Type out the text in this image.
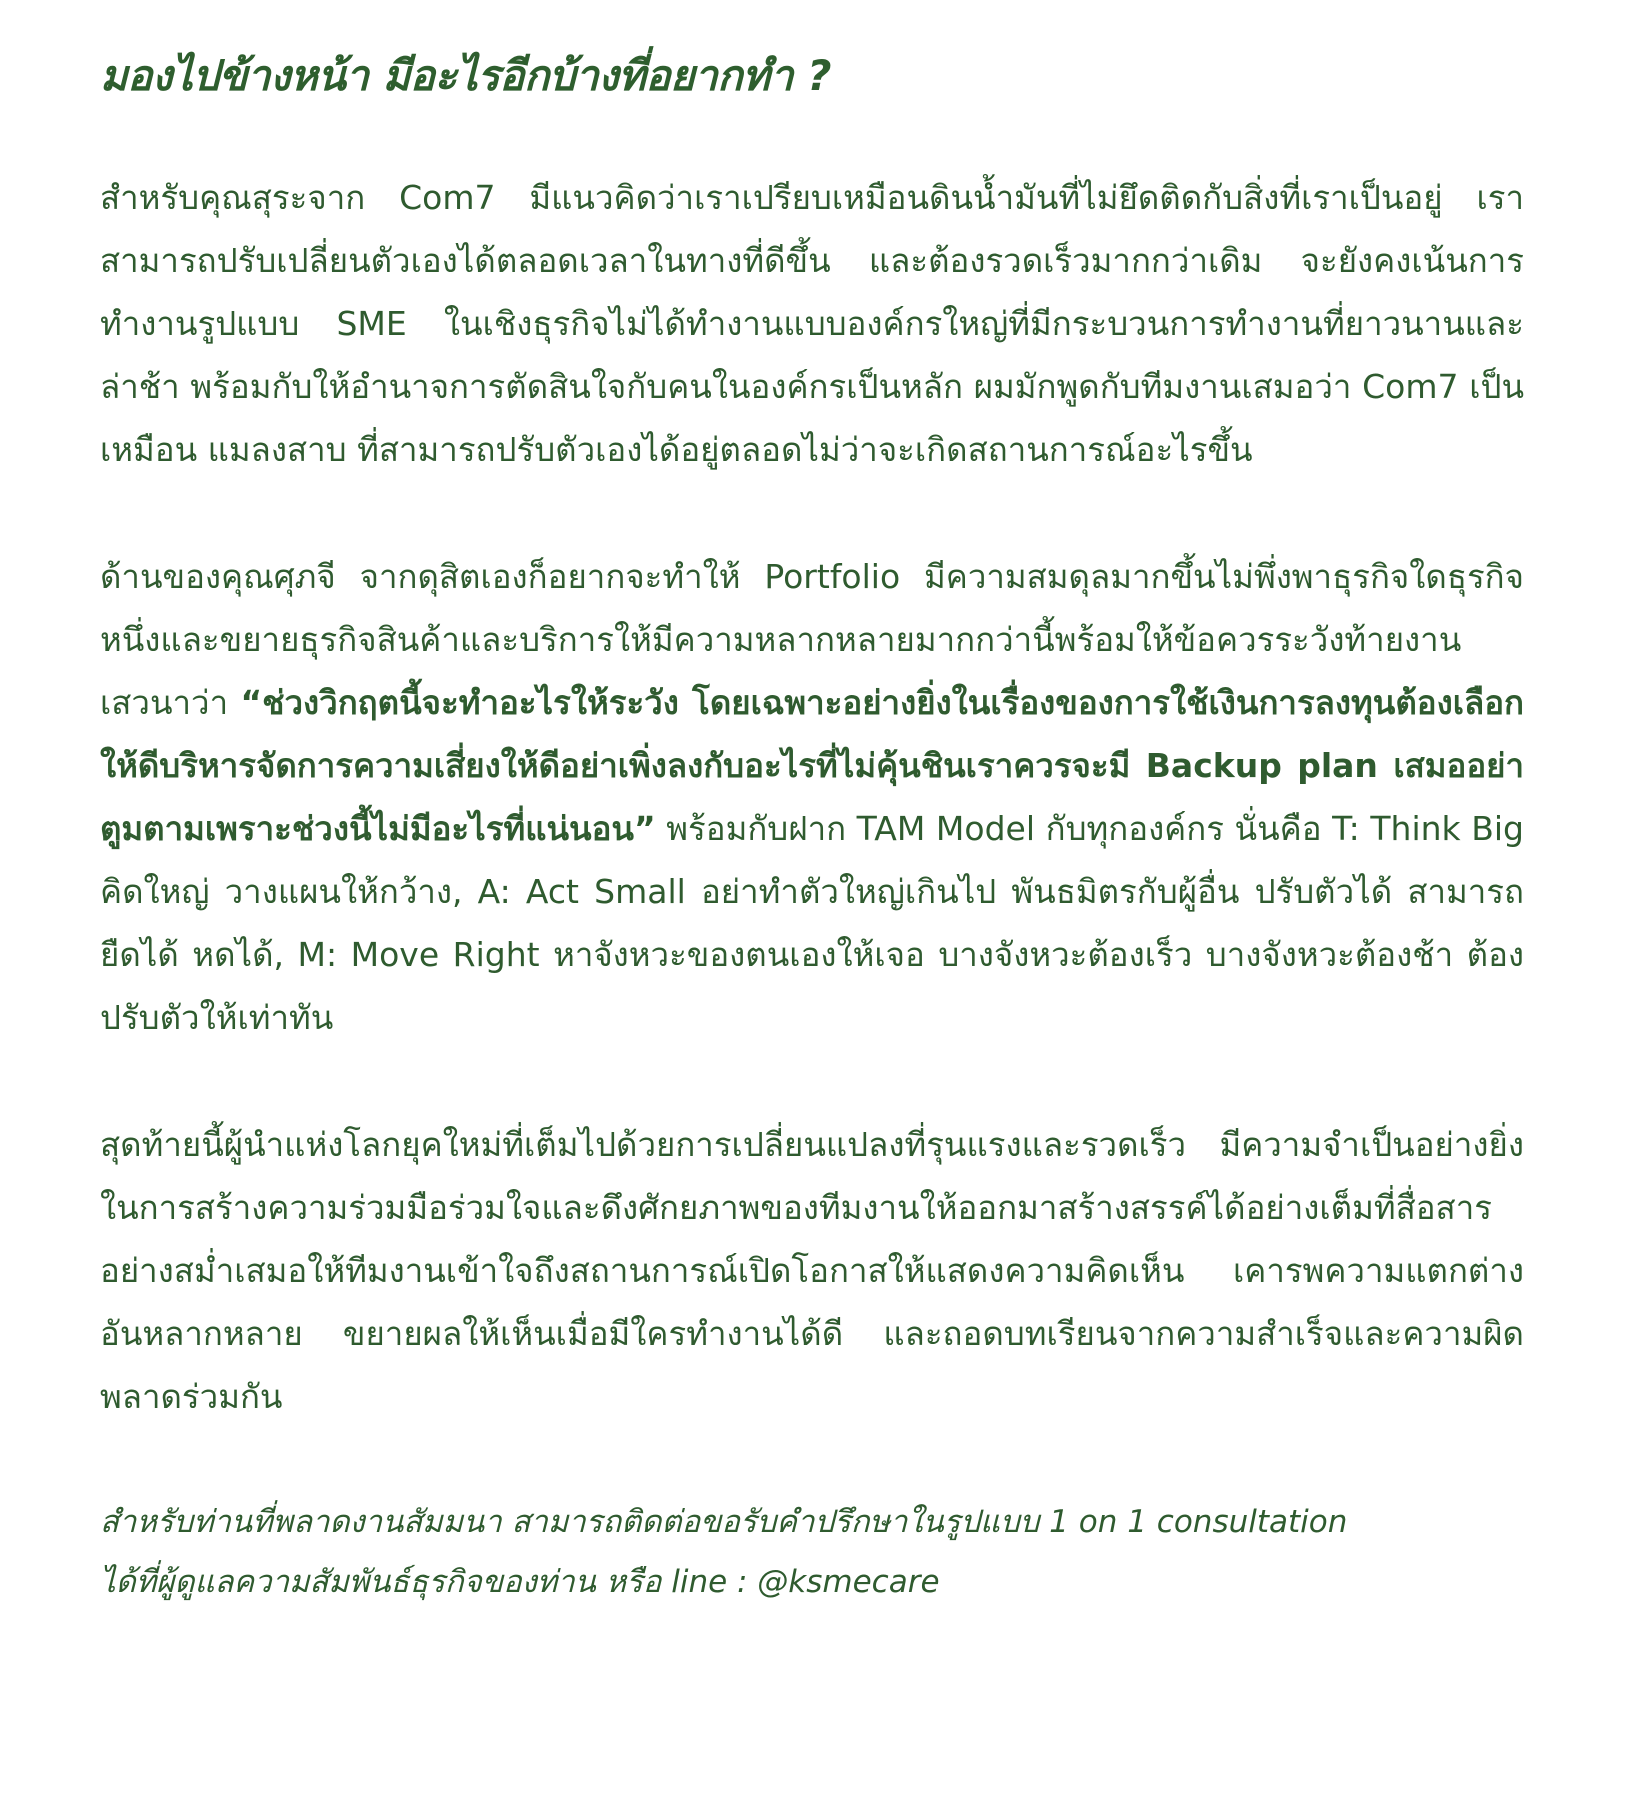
มองไปข้างหน้า มีอะไรอีกบ้างที่อยากทำ ?

สำหรับคุณสุระจาก Com7 มีแนวคิดว่าเราเปรียบเหมือนดินน้ำมันที่ไม่ยึดติดกับสิ่งที่เราเป็นอยู่ เราสามารถปรับเปลี่ยนตัวเองได้ตลอดเวลาในทางที่ดีขึ้น และต้องรวดเร็วมากกว่าเดิม จะยังคงเน้นการทำงานรูปแบบ SME ในเชิงธุรกิจไม่ได้ทำงานแบบองค์กรใหญ่ที่มีกระบวนการทำงานที่ยาวนานและล่าช้า พร้อมกับให้อำนาจการตัดสินใจกับคนในองค์กรเป็นหลัก ผมมักพูดกับทีมงานเสมอว่า Com7 เป็นเหมือน แมลงสาบ ที่สามารถปรับตัวเองได้อยู่ตลอดไม่ว่าจะเกิดสถานการณ์อะไรขึ้น

ด้านของคุณศุภจี จากดุสิตเองก็อยากจะทำให้ Portfolio มีความสมดุลมากขึ้นไม่พึ่งพาธุรกิจใดธุรกิจหนึ่งและขยายธุรกิจสินค้าและบริการให้มีความหลากหลายมากกว่านี้พร้อมให้ข้อควรระวังท้ายงานเสวนาว่า “ช่วงวิกฤตนี้จะทำอะไรให้ระวัง โดยเฉพาะอย่างยิ่งในเรื่องของการใช้เงินการลงทุนต้องเลือกให้ดีบริหารจัดการความเสี่ยงให้ดีอย่าเพิ่งลงกับอะไรที่ไม่คุ้นชินเราควรจะมี Backup plan เสมออย่าตูมตามเพราะช่วงนี้ไม่มีอะไรที่แน่นอน” พร้อมกับฝาก TAM Model กับทุกองค์กร นั่นคือ T: Think Big คิดใหญ่ วางแผนให้กว้าง, A: Act Small อย่าทำตัวใหญ่เกินไป พันธมิตรกับผู้อื่น ปรับตัวได้ สามารถยืดได้ หดได้, M: Move Right หาจังหวะของตนเองให้เจอ บางจังหวะต้องเร็ว บางจังหวะต้องช้า ต้องปรับตัวให้เท่าทัน

สุดท้ายนี้ผู้นำแห่งโลกยุคใหม่ที่เต็มไปด้วยการเปลี่ยนแปลงที่รุนแรงและรวดเร็ว มีความจำเป็นอย่างยิ่งในการสร้างความร่วมมือร่วมใจและดึงศักยภาพของทีมงานให้ออกมาสร้างสรรค์ได้อย่างเต็มที่สื่อสารอย่างสม่ำเสมอให้ทีมงานเข้าใจถึงสถานการณ์เปิดโอกาสให้แสดงความคิดเห็น เคารพความแตกต่างอันหลากหลาย ขยายผลให้เห็นเมื่อมีใครทำงานได้ดี และถอดบทเรียนจากความสำเร็จและความผิดพลาดร่วมกัน

สำหรับท่านที่พลาดงานสัมมนา สามารถติดต่อขอรับคำปรึกษาในรูปแบบ 1 on 1 consultation
ได้ที่ผู้ดูแลความสัมพันธ์ธุรกิจของท่าน หรือ line : @ksmecare
